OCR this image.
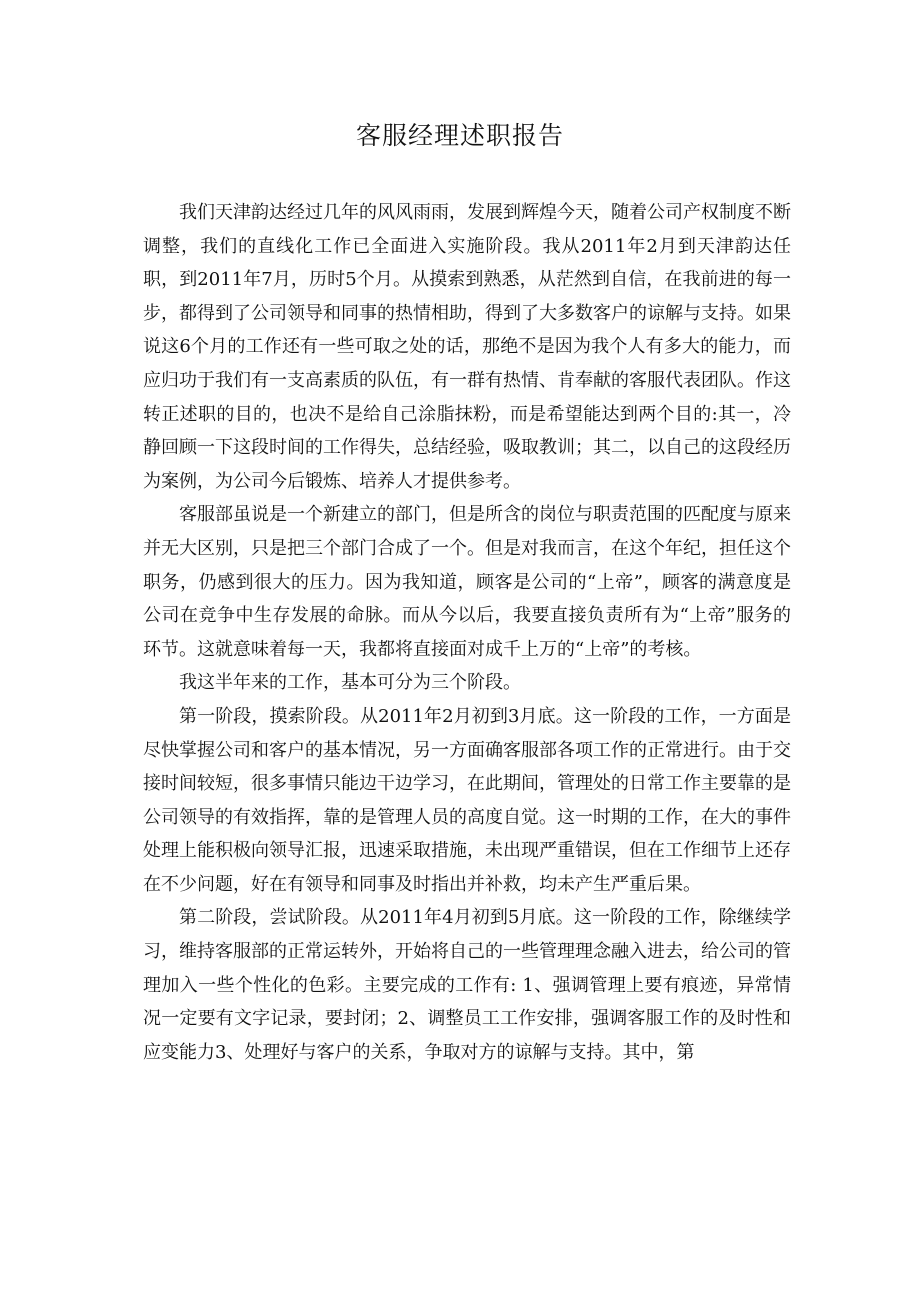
客服经理述职报告

我们天津韵达经过几年的风风雨雨，发展到辉煌今天，随着公司产权制度不断调整，我们的直线化工作已全面进入实施阶段。我从2011年2月到天津韵达任职，到2011年7月，历时5个月。从摸索到熟悉，从茫然到自信，在我前进的每一步，都得到了公司领导和同事的热情相助，得到了大多数客户的谅解与支持。如果说这6个月的工作还有一些可取之处的话，那绝不是因为我个人有多大的能力，而应归功于我们有一支高素质的队伍，有一群有热情、肯奉献的客服代表团队。作这转正述职的目的，也决不是给自己涂脂抹粉，而是希望能达到两个目的:其一，冷静回顾一下这段时间的工作得失，总结经验，吸取教训；其二，以自己的这段经历为案例，为公司今后锻炼、培养人才提供参考。

客服部虽说是一个新建立的部门，但是所含的岗位与职责范围的匹配度与原来并无大区别，只是把三个部门合成了一个。但是对我而言，在这个年纪，担任这个职务，仍感到很大的压力。因为我知道，顾客是公司的“上帝”，顾客的满意度是公司在竞争中生存发展的命脉。而从今以后，我要直接负责所有为“上帝”服务的环节。这就意味着每一天，我都将直接面对成千上万的“上帝”的考核。

我这半年来的工作，基本可分为三个阶段。

第一阶段，摸索阶段。从2011年2月初到3月底。这一阶段的工作，一方面是尽快掌握公司和客户的基本情况，另一方面确客服部各项工作的正常进行。由于交接时间较短，很多事情只能边干边学习，在此期间，管理处的日常工作主要靠的是公司领导的有效指挥，靠的是管理人员的高度自觉。这一时期的工作，在大的事件处理上能积极向领导汇报，迅速采取措施，未出现严重错误，但在工作细节上还存在不少问题，好在有领导和同事及时指出并补救，均未产生严重后果。

第二阶段，尝试阶段。从2011年4月初到5月底。这一阶段的工作，除继续学习，维持客服部的正常运转外，开始将自己的一些管理理念融入进去，给公司的管理加入一些个性化的色彩。主要完成的工作有: 1、强调管理上要有痕迹，异常情况一定要有文字记录，要封闭；2、调整员工工作安排，强调客服工作的及时性和应变能力3、处理好与客户的关系，争取对方的谅解与支持。其中，第
